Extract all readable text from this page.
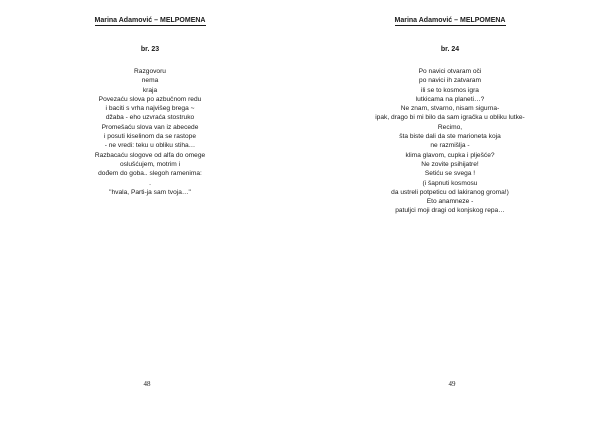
Marina Adamović – MELPOMENA
br. 23
Razgovoru
nema
kraja
Povezaću slova po azbučnom redu
i baciti s vrha najvišeg brega ~
džaba - eho uzvraća stostruko
Promešaću slova van iz abecede
i posuti kiselinom da se rastope
- ne vredi: teku u obliku stiha…
Razbacaću slogove od alfa do omege
oslušćujem, motrim i
dođem do goba.. slegoh ramenima:
.
"hvala, Parti-ja sam tvoja…"
48
Marina Adamović – MELPOMENA
br. 24
Po navici otvaram oči
po navici ih zatvaram
ili se to kosmos igra
lutkicama na planeti…?
Ne znam, stvarno, nisam sigurna-
ipak, drago bi mi bilo da sam igračka u obliku lutke-
Recimo,
šta biste dali da ste marioneta koja
ne razmišlja -
klima glavom, cupka i plješće?
Ne zovite psihijatre!
Setiću se svega !
(i šapnuti kosmosu
da ustreli potpeticu od lakiranog groma!)
Eto anamneze -
patuljci moji dragi od konjskog repa…
49
